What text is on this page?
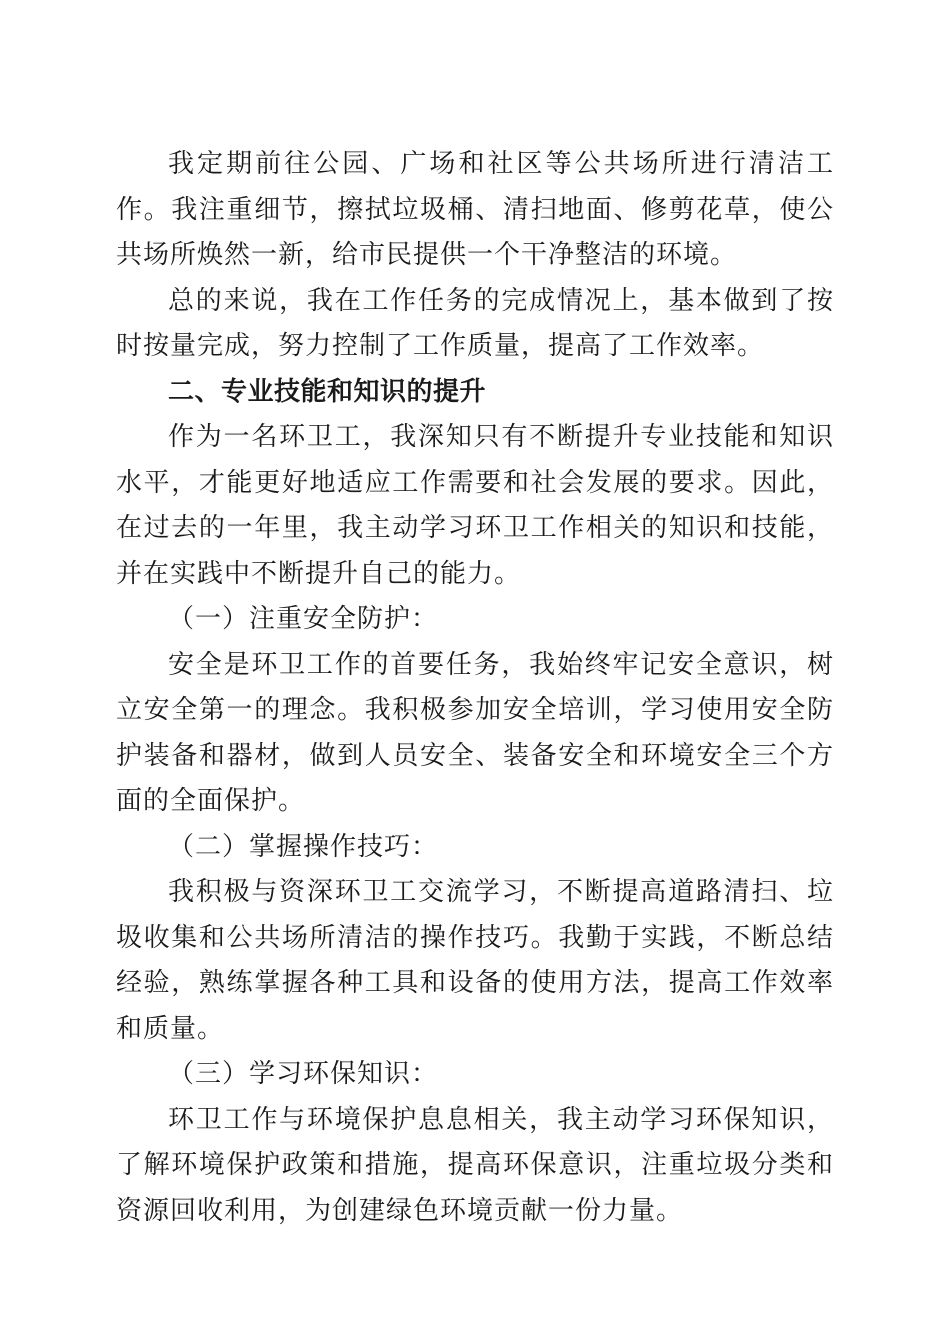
我定期前往公园、广场和社区等公共场所进行清洁工作。我注重细节，擦拭垃圾桶、清扫地面、修剪花草，使公共场所焕然一新，给市民提供一个干净整洁的环境。

总的来说，我在工作任务的完成情况上，基本做到了按时按量完成，努力控制了工作质量，提高了工作效率。

二、专业技能和知识的提升

作为一名环卫工，我深知只有不断提升专业技能和知识水平，才能更好地适应工作需要和社会发展的要求。因此，在过去的一年里，我主动学习环卫工作相关的知识和技能，并在实践中不断提升自己的能力。

（一）注重安全防护：

安全是环卫工作的首要任务，我始终牢记安全意识，树立安全第一的理念。我积极参加安全培训，学习使用安全防护装备和器材，做到人员安全、装备安全和环境安全三个方面的全面保护。

（二）掌握操作技巧：

我积极与资深环卫工交流学习，不断提高道路清扫、垃圾收集和公共场所清洁的操作技巧。我勤于实践，不断总结经验，熟练掌握各种工具和设备的使用方法，提高工作效率和质量。

（三）学习环保知识：

环卫工作与环境保护息息相关，我主动学习环保知识，了解环境保护政策和措施，提高环保意识，注重垃圾分类和资源回收利用，为创建绿色环境贡献一份力量。
